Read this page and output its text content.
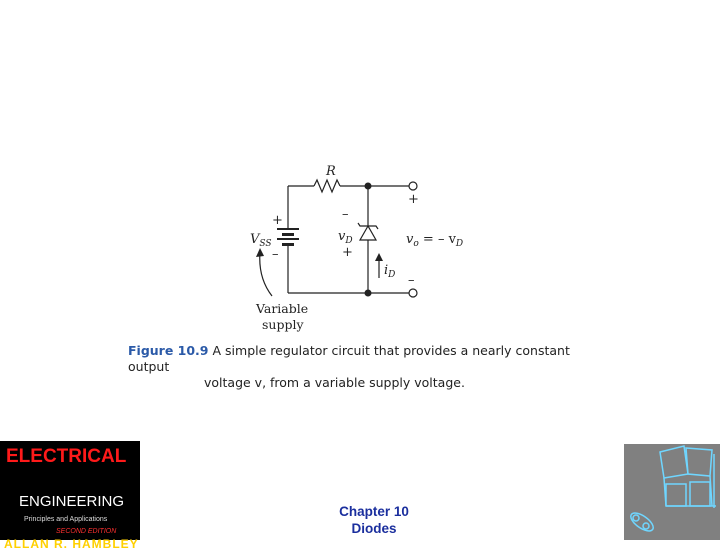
R
+
–
+
–
$V_{SS}$
–
+
$v_D$
$i_D$
$v_o$ = – $v_D$
Variable
supply
Figure 10.9 A simple regulator circuit that provides a nearly constant output
voltage v, from a variable supply voltage.
ELECTRICAL
ENGINEERING
Principles and Applications
SECOND EDITION
ALLAN R. HAMBLEY
Chapter 10
Diodes
